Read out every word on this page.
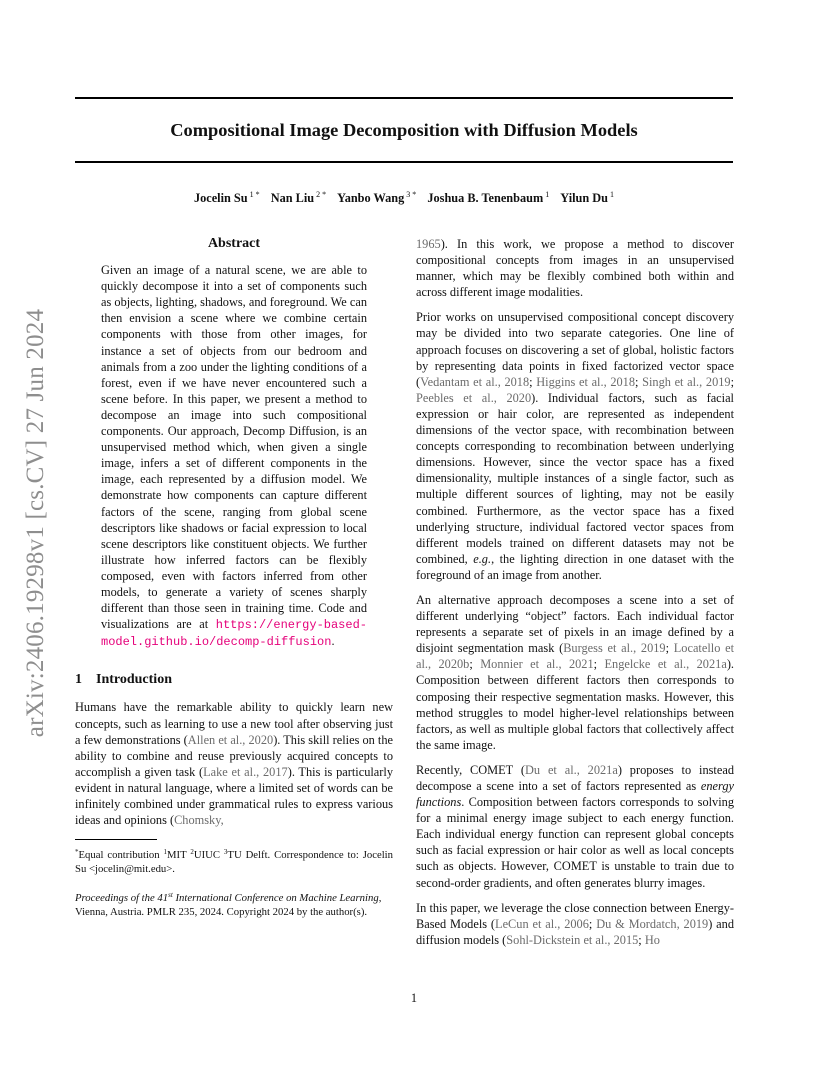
arXiv:2406.19298v1 [cs.CV] 27 Jun 2024
Compositional Image Decomposition with Diffusion Models
Jocelin Su $^{1 *}$ Nan Liu $^{2 *}$ Yanbo Wang $^{3 *}$ Joshua B. Tenenbaum $^1$ Yilun Du $^1$
Abstract
Given an image of a natural scene, we are able to quickly decompose it into a set of components such as objects, lighting, shadows, and foreground. We can then envision a scene where we combine certain components with those from other images, for instance a set of objects from our bedroom and animals from a zoo under the lighting conditions of a forest, even if we have never encountered such a scene before. In this paper, we present a method to decompose an image into such compositional components. Our approach, Decomp Diffusion, is an unsupervised method which, when given a single image, infers a set of different components in the image, each represented by a diffusion model. We demonstrate how components can capture different factors of the scene, ranging from global scene descriptors like shadows or facial expression to local scene descriptors like constituent objects. We further illustrate how inferred factors can be flexibly composed, even with factors inferred from other models, to generate a variety of scenes sharply different than those seen in training time. Code and visualizations are at https://energy-based-model.github.io/decomp-diffusion.
1 Introduction

Humans have the remarkable ability to quickly learn new concepts, such as learning to use a new tool after observing just a few demonstrations (Allen et al., 2020). This skill relies on the ability to combine and reuse previously acquired concepts to accomplish a given task (Lake et al., 2017). This is particularly evident in natural language, where a limited set of words can be infinitely combined under grammatical rules to express various ideas and opinions (Chomsky,

*Equal contribution $^1$MIT $^2$UIUC $^3$TU Delft. Correspondence to: Jocelin Su <jocelin@mit.edu>.
Proceedings of the 41st International Conference on Machine Learning, Vienna, Austria. PMLR 235, 2024. Copyright 2024 by the author(s).

1965). In this work, we propose a method to discover compositional concepts from images in an unsupervised manner, which may be flexibly combined both within and across different image modalities.

Prior works on unsupervised compositional concept discovery may be divided into two separate categories. One line of approach focuses on discovering a set of global, holistic factors by representing data points in fixed factorized vector space (Vedantam et al., 2018; Higgins et al., 2018; Singh et al., 2019; Peebles et al., 2020). Individual factors, such as facial expression or hair color, are represented as independent dimensions of the vector space, with recombination between concepts corresponding to recombination between underlying dimensions. However, since the vector space has a fixed dimensionality, multiple instances of a single factor, such as multiple different sources of lighting, may not be easily combined. Furthermore, as the vector space has a fixed underlying structure, individual factored vector spaces from different models trained on different datasets may not be combined, e.g., the lighting direction in one dataset with the foreground of an image from another.

An alternative approach decomposes a scene into a set of different underlying “object” factors. Each individual factor represents a separate set of pixels in an image defined by a disjoint segmentation mask (Burgess et al., 2019; Locatello et al., 2020b; Monnier et al., 2021; Engelcke et al., 2021a). Composition between different factors then corresponds to composing their respective segmentation masks. However, this method struggles to model higher-level relationships between factors, as well as multiple global factors that collectively affect the same image.

Recently, COMET (Du et al., 2021a) proposes to instead decompose a scene into a set of factors represented as energy functions. Composition between factors corresponds to solving for a minimal energy image subject to each energy function. Each individual energy function can represent global concepts such as facial expression or hair color as well as local concepts such as objects. However, COMET is unstable to train due to second-order gradients, and often generates blurry images.

In this paper, we leverage the close connection between Energy-Based Models (LeCun et al., 2006; Du & Mordatch, 2019) and diffusion models (Sohl-Dickstein et al., 2015; Ho

1
